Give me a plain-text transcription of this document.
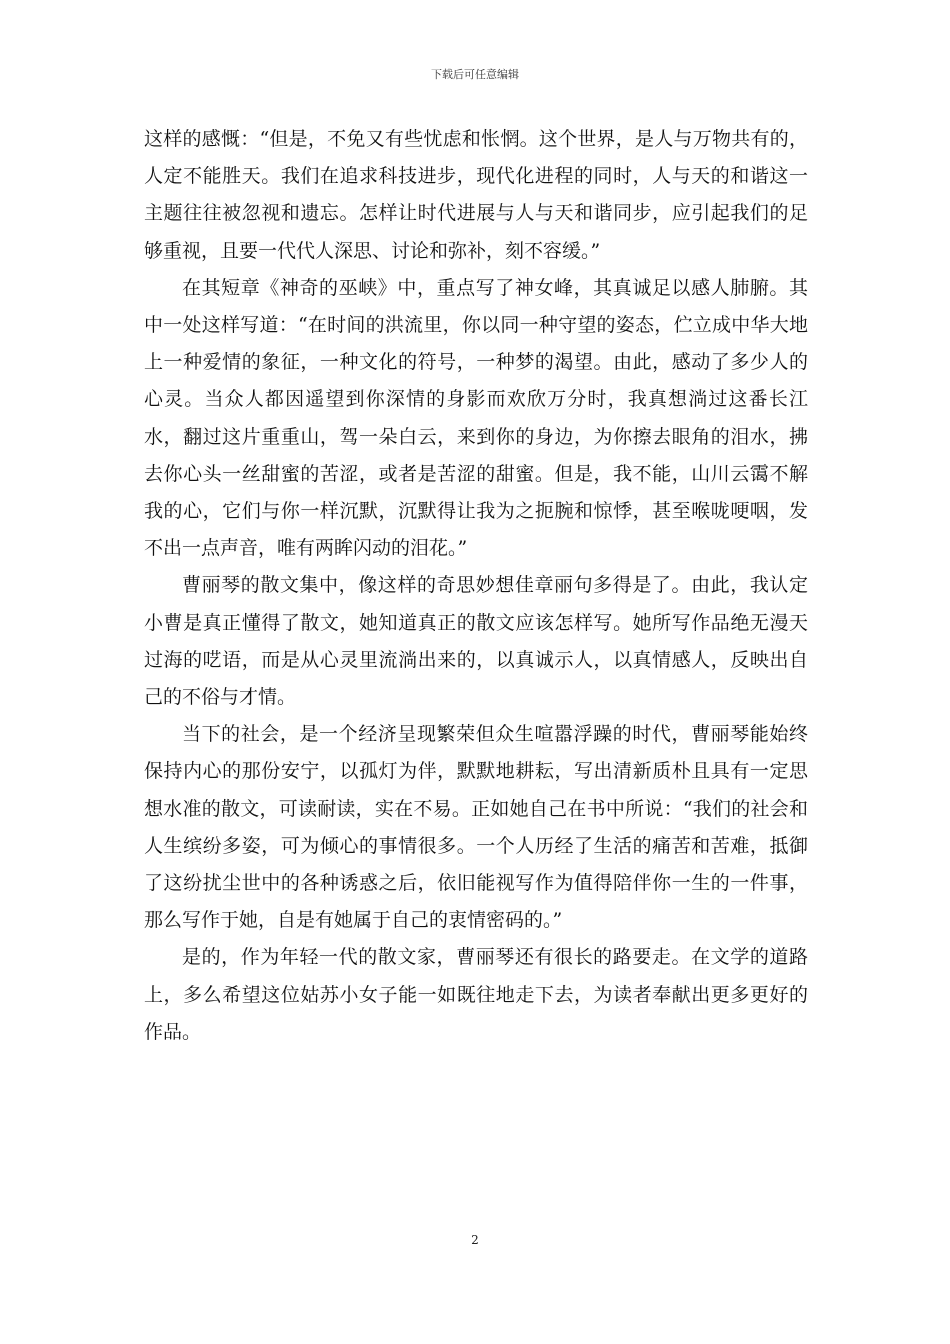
下载后可任意编辑

这样的感慨：“但是，不免又有些忧虑和怅惘。这个世界，是人与万物共有的，人定不能胜天。我们在追求科技进步，现代化进程的同时，人与天的和谐这一主题往往被忽视和遗忘。怎样让时代进展与人与天和谐同步，应引起我们的足够重视，且要一代代人深思、讨论和弥补，刻不容缓。”

在其短章《神奇的巫峡》中，重点写了神女峰，其真诚足以感人肺腑。其中一处这样写道：“在时间的洪流里，你以同一种守望的姿态，伫立成中华大地上一种爱情的象征，一种文化的符号，一种梦的渴望。由此，感动了多少人的心灵。当众人都因遥望到你深情的身影而欢欣万分时，我真想淌过这番长江水，翻过这片重重山，驾一朵白云，来到你的身边，为你擦去眼角的泪水，拂去你心头一丝甜蜜的苦涩，或者是苦涩的甜蜜。但是，我不能，山川云霭不解我的心，它们与你一样沉默，沉默得让我为之扼腕和惊悸，甚至喉咙哽咽，发不出一点声音，唯有两眸闪动的泪花。”

曹丽琴的散文集中，像这样的奇思妙想佳章丽句多得是了。由此，我认定小曹是真正懂得了散文，她知道真正的散文应该怎样写。她所写作品绝无漫天过海的呓语，而是从心灵里流淌出来的，以真诚示人，以真情感人，反映出自己的不俗与才情。

当下的社会，是一个经济呈现繁荣但众生喧嚣浮躁的时代，曹丽琴能始终保持内心的那份安宁，以孤灯为伴，默默地耕耘，写出清新质朴且具有一定思想水准的散文，可读耐读，实在不易。正如她自己在书中所说：“我们的社会和人生缤纷多姿，可为倾心的事情很多。一个人历经了生活的痛苦和苦难，抵御了这纷扰尘世中的各种诱惑之后，依旧能视写作为值得陪伴你一生的一件事，那么写作于她，自是有她属于自己的衷情密码的。”

是的，作为年轻一代的散文家，曹丽琴还有很长的路要走。在文学的道路上，多么希望这位姑苏小女子能一如既往地走下去，为读者奉献出更多更好的作品。

2
